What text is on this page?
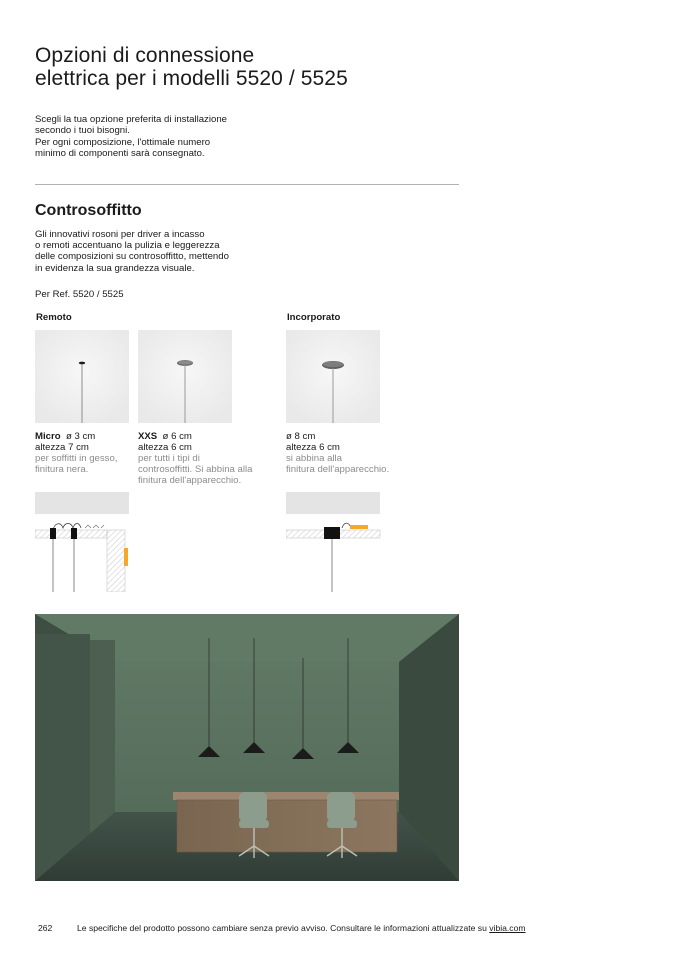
Opzioni di connessione
elettrica per i modelli 5520 / 5525

Scegli la tua opzione preferita di installazione
secondo i tuoi bisogni.
Per ogni composizione, l'ottimale numero
minimo di componenti sarà consegnato.

Controsoffitto

Gli innovativi rosoni per driver a incasso
o remoti accentuano la pulizia e leggerezza
delle composizioni su controsoffitto, mettendo
in evidenza la sua grandezza visuale.

Per Ref. 5520 / 5525

Remoto	Incorporato
Micro ø 3 cm
altezza 7 cm
per soffitti in gesso,
finitura nera.
XXS ø 6 cm
altezza 6 cm
per tutti i tipi di
controsoffitti. Si abbina alla
finitura dell'apparecchio.
ø 8 cm
altezza 6 cm
si abbina alla
finitura dell'apparecchio.
262	Le specifiche del prodotto possono cambiare senza previo avviso. Consultare le informazioni attualizzate su vibia.com
